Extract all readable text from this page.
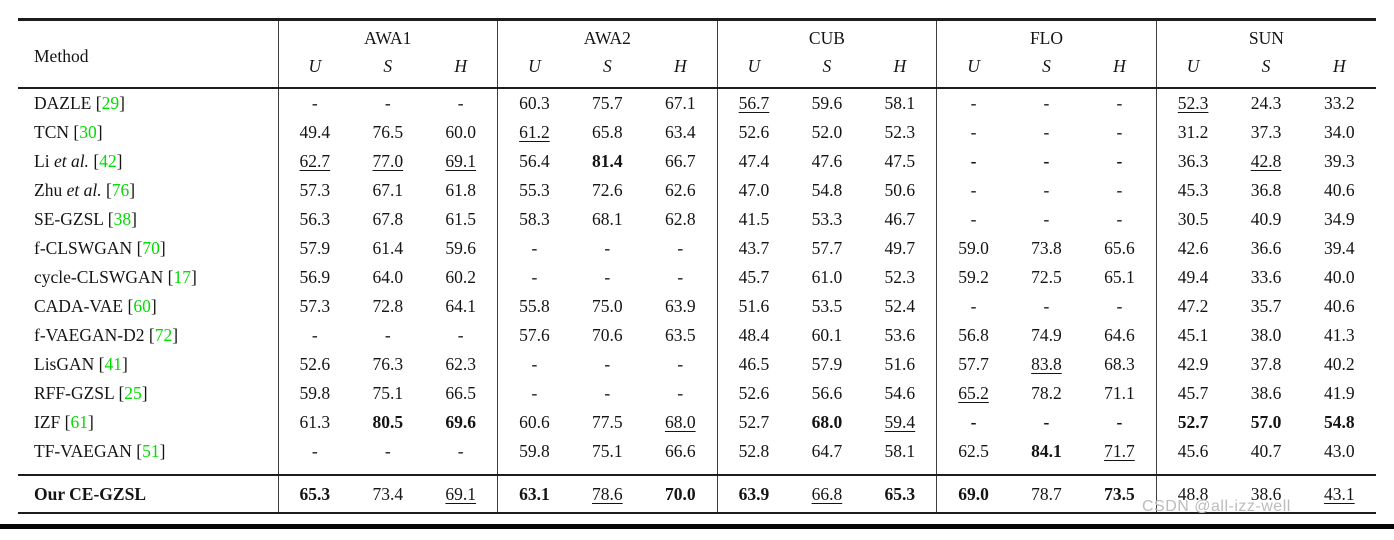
Method	AWA1			AWA2			CUB			FLO			SUN		
	U	S	H	U	S	H	U	S	H	U	S	H	U	S	H
DAZLE [29]	-	-	-	60.3	75.7	67.1	56.7	59.6	58.1	-	-	-	52.3	24.3	33.2
TCN [30]	49.4	76.5	60.0	61.2	65.8	63.4	52.6	52.0	52.3	-	-	-	31.2	37.3	34.0
Li et al. [42]	62.7	77.0	69.1	56.4	81.4	66.7	47.4	47.6	47.5	-	-	-	36.3	42.8	39.3
Zhu et al. [76]	57.3	67.1	61.8	55.3	72.6	62.6	47.0	54.8	50.6	-	-	-	45.3	36.8	40.6
SE-GZSL [38]	56.3	67.8	61.5	58.3	68.1	62.8	41.5	53.3	46.7	-	-	-	30.5	40.9	34.9
f-CLSWGAN [70]	57.9	61.4	59.6	-	-	-	43.7	57.7	49.7	59.0	73.8	65.6	42.6	36.6	39.4
cycle-CLSWGAN [17]	56.9	64.0	60.2	-	-	-	45.7	61.0	52.3	59.2	72.5	65.1	49.4	33.6	40.0
CADA-VAE [60]	57.3	72.8	64.1	55.8	75.0	63.9	51.6	53.5	52.4	-	-	-	47.2	35.7	40.6
f-VAEGAN-D2 [72]	-	-	-	57.6	70.6	63.5	48.4	60.1	53.6	56.8	74.9	64.6	45.1	38.0	41.3
LisGAN [41]	52.6	76.3	62.3	-	-	-	46.5	57.9	51.6	57.7	83.8	68.3	42.9	37.8	40.2
RFF-GZSL [25]	59.8	75.1	66.5	-	-	-	52.6	56.6	54.6	65.2	78.2	71.1	45.7	38.6	41.9
IZF [61]	61.3	80.5	69.6	60.6	77.5	68.0	52.7	68.0	59.4	-	-	-	52.7	57.0	54.8
TF-VAEGAN [51]	-	-	-	59.8	75.1	66.6	52.8	64.7	58.1	62.5	84.1	71.7	45.6	40.7	43.0

Our CE-GZSL	65.3	73.4	69.1	63.1	78.6	70.0	63.9	66.8	65.3	69.0	78.7	73.5	48.8	38.6	43.1
CSDN @all-izz-well
